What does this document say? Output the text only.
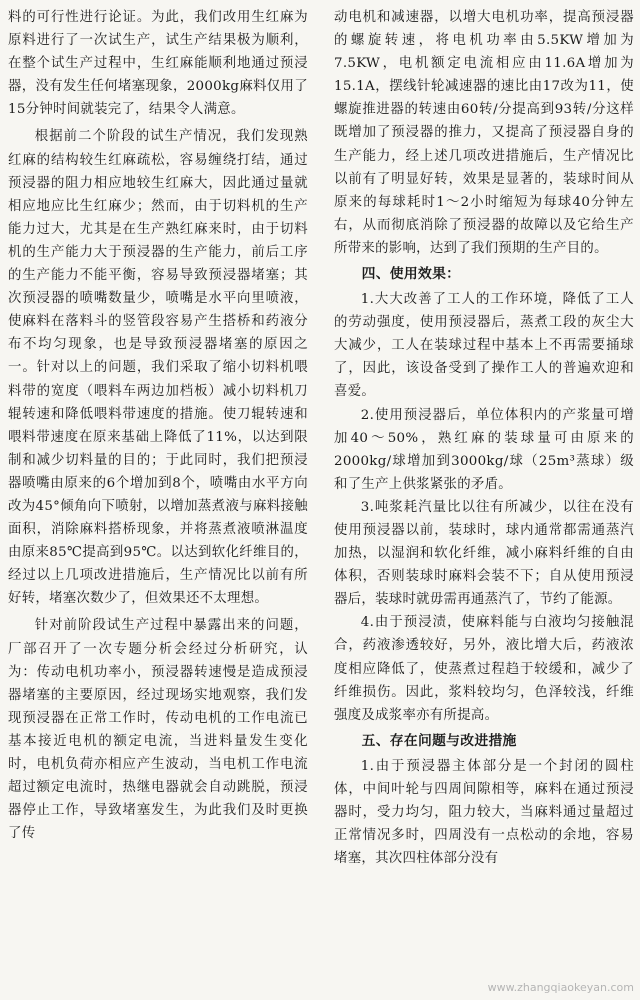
料的可行性进行论证。为此，我们改用生红麻为原料进行了一次试生产，试生产结果极为顺利，在整个试生产过程中，生红麻能顺利地通过预浸器，没有发生任何堵塞现象，2000kg麻料仅用了15分钟时间就装完了，结果令人满意。

根据前二个阶段的试生产情况，我们发现熟红麻的结构较生红麻疏松，容易缠绕打结，通过预浸器的阻力相应地较生红麻大，因此通过量就相应地应比生红麻少；然而，由于切料机的生产能力过大，尤其是在生产熟红麻来时，由于切料机的生产能力大于预浸器的生产能力，前后工序的生产能力不能平衡，容易导致预浸器堵塞；其次预浸器的喷嘴数量少，喷嘴是水平向里喷液，使麻料在落料斗的竖管段容易产生搭桥和药液分布不均匀现象，也是导致预浸器堵塞的原因之一。针对以上的问题，我们采取了缩小切料机喂料带的宽度（喂料车两边加档板）减小切料机刀辊转速和降低喂料带速度的措施。使刀辊转速和喂料带速度在原来基础上降低了11%，以达到限制和减少切料量的目的；于此同时，我们把预浸器喷嘴由原来的6个增加到8个，喷嘴由水平方向改为45°倾角向下喷射，以增加蒸煮液与麻料接触面积，消除麻料搭桥现象，并将蒸煮液喷淋温度由原来85℃提高到95℃。以达到软化纤维目的，经过以上几项改进措施后，生产情况比以前有所好转，堵塞次数少了，但效果还不太理想。

针对前阶段试生产过程中暴露出来的问题，厂部召开了一次专题分析会经过分析研究，认为：传动电机功率小，预浸器转速慢是造成预浸器堵塞的主要原因，经过现场实地观察，我们发现预浸器在正常工作时，传动电机的工作电流已基本接近电机的额定电流，当进料量发生变化时，电机负荷亦相应产生波动，当电机工作电流超过额定电流时，热继电器就会自动跳脱，预浸器停止工作，导致堵塞发生，为此我们及时更换了传

动电机和减速器，以增大电机功率，提高预浸器的螺旋转速，将电机功率由5.5KW增加为7.5KW，电机额定电流相应由11.6A增加为15.1A，摆线针轮减速器的速比由17改为11，使螺旋推进器的转速由60转/分提高到93转/分这样既增加了预浸器的推力，又提高了预浸器自身的生产能力，经上述几项改进措施后，生产情况比以前有了明显好转，效果是显著的，装球时间从原来的每球耗时1～2小时缩短为每球40分钟左右，从而彻底消除了预浸器的故障以及它给生产所带来的影响，达到了我们预期的生产目的。

四、使用效果：

1.大大改善了工人的工作环境，降低了工人的劳动强度，使用预浸器后，蒸煮工段的灰尘大大减少，工人在装球过程中基本上不再需要捅球了，因此，该设备受到了操作工人的普遍欢迎和喜爱。

2.使用预浸器后，单位体积内的产浆量可增加40～50%，熟红麻的装球量可由原来的2000kg/球增加到3000kg/球（25m³蒸球）级和了生产上供浆紧张的矛盾。

3.吨浆耗汽量比以往有所减少，以往在没有使用预浸器以前，装球时，球内通常都需通蒸汽加热，以湿润和软化纤维，减小麻料纤维的自由体积，否则装球时麻料会装不下；自从使用预浸器后，装球时就毋需再通蒸汽了，节约了能源。

4.由于预浸渍，使麻料能与白液均匀接触混合，药液渗透较好，另外，液比增大后，药液浓度相应降低了，使蒸煮过程趋于较缓和，减少了纤维损伤。因此，浆料较均匀，色泽较浅，纤维强度及成浆率亦有所提高。

五、存在问题与改进措施

1.由于预浸器主体部分是一个封闭的圆柱体，中间叶轮与四周间隙相等，麻料在通过预浸器时，受力均匀，阻力较大，当麻料通过量超过正常情况多时，四周没有一点松动的余地，容易堵塞，其次四柱体部分没有

www.zhangqiaokeyan.com
